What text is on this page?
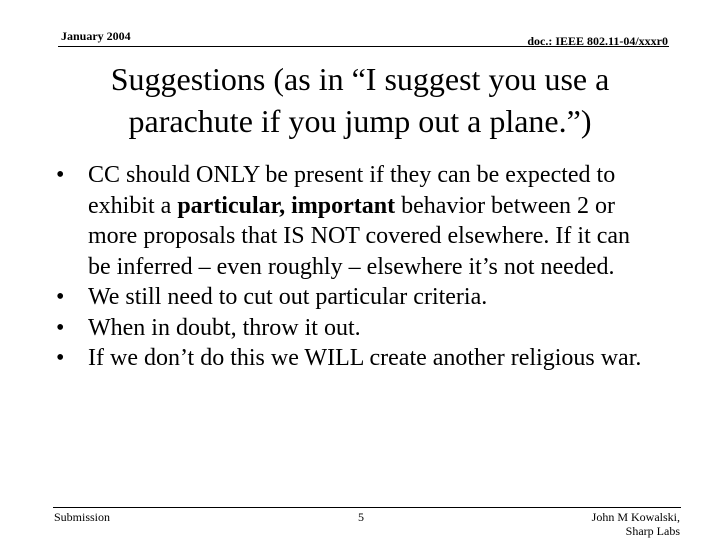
January 2004	doc.: IEEE 802.11-04/xxxr0
Suggestions (as in “I suggest you use a
parachute if you jump out a plane.”)
• CC should ONLY be present if they can be expected to exhibit a particular, important behavior between 2 or more proposals that IS NOT covered elsewhere. If it can be inferred – even roughly – elsewhere it’s not needed.
• We still need to cut out particular criteria.
• When in doubt, throw it out.
• If we don’t do this we WILL create another religious war.
Submission	5	John M Kowalski,
Sharp Labs
